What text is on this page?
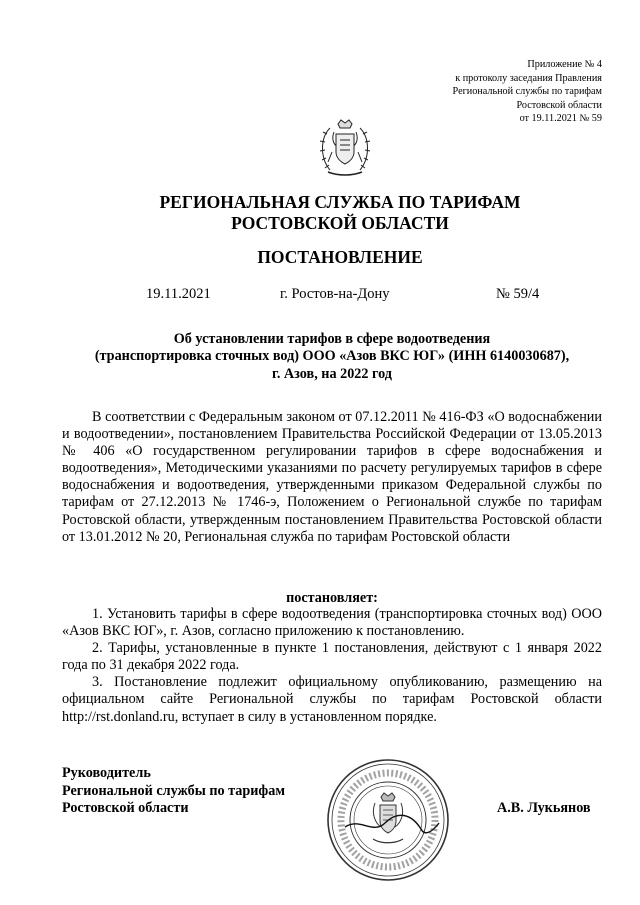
Приложение № 4
к протоколу заседания Правления
Региональной службы по тарифам
Ростовской области
от 19.11.2021 № 59
РЕГИОНАЛЬНАЯ СЛУЖБА ПО ТАРИФАМ
РОСТОВСКОЙ ОБЛАСТИ
ПОСТАНОВЛЕНИЕ
19.11.2021	г. Ростов-на-Дону	№ 59/4
Об установлении тарифов в сфере водоотведения
(транспортировка сточных вод) ООО «Азов ВКС ЮГ» (ИНН 6140030687),
г. Азов, на 2022 год
В соответствии с Федеральным законом от 07.12.2011 № 416-ФЗ «О водоснабжении и водоотведении», постановлением Правительства Российской Федерации от 13.05.2013 № 406 «О государственном регулировании тарифов в сфере водоснабжения и водоотведения», Методическими указаниями по расчету регулируемых тарифов в сфере водоснабжения и водоотведения, утвержденными приказом Федеральной службы по тарифам от 27.12.2013 № 1746-э, Положением о Региональной службе по тарифам Ростовской области, утвержденным постановлением Правительства Ростовской области от 13.01.2012 № 20, Региональная служба по тарифам Ростовской области
постановляет:

1. Установить тарифы в сфере водоотведения (транспортировка сточных вод) ООО «Азов ВКС ЮГ», г. Азов, согласно приложению к постановлению.

2. Тарифы, установленные в пункте 1 постановления, действуют с 1 января 2022 года по 31 декабря 2022 года.

3. Постановление подлежит официальному опубликованию, размещению на официальном сайте Региональной службы по тарифам Ростовской области http://rst.donland.ru, вступает в силу в установленном порядке.

Руководитель
Региональной службы по тарифам
Ростовской области	А.В. Лукьянов
